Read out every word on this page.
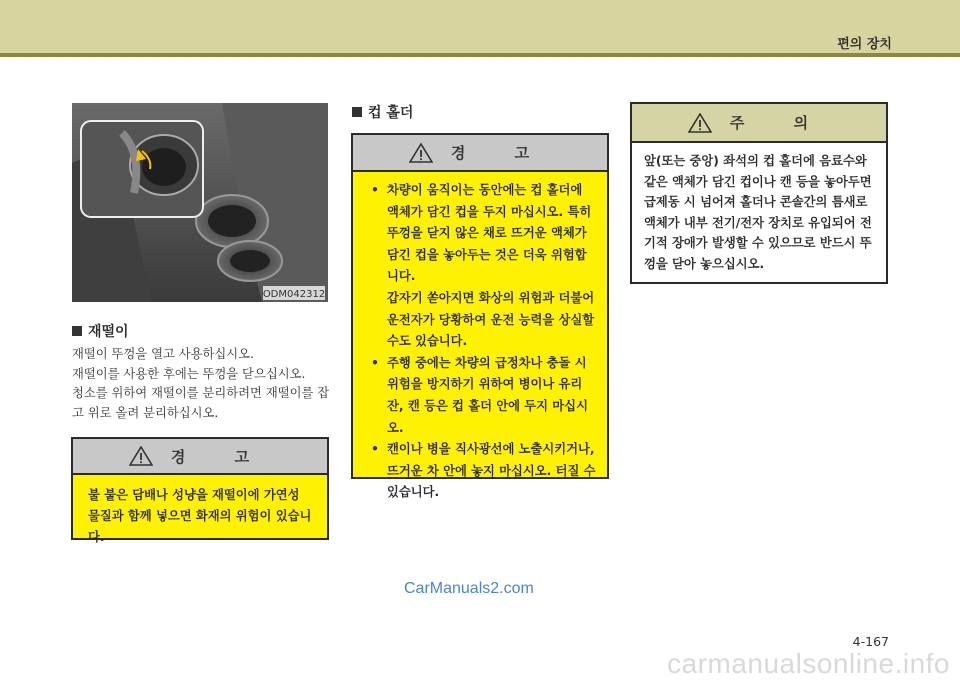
편의 장치
ODM042312
재떨이

재떨이 뚜껑을 열고 사용하십시오.

재떨이를 사용한 후에는 뚜껑을 닫으십시오.

청소를 위하여 재떨이를 분리하려면 재떨이를 잡고 위로 올려 분리하십시오.

경 고
불 붙은 담배나 성냥을 재떨이에 가연성 물질과 함께 넣으면 화재의 위험이 있습니다.
컵 홀더
경 고
• 차량이 움직이는 동안에는 컵 홀더에 액체가 담긴 컵을 두지 마십시오. 특히 뚜껑을 닫지 않은 채로 뜨거운 액체가 담긴 컵을 놓아두는 것은 더욱 위험합니다.
갑자기 쏟아지면 화상의 위험과 더불어 운전자가 당황하여 운전 능력을 상실할 수도 있습니다.
• 주행 중에는 차량의 급정차나 충돌 시 위험을 방지하기 위하여 병이나 유리잔, 캔 등은 컵 홀더 안에 두지 마십시오.
• 캔이나 병을 직사광선에 노출시키거나, 뜨거운 차 안에 놓지 마십시오. 터질 수 있습니다.
주 의
앞(또는 중앙) 좌석의 컵 홀더에 음료수와 같은 액체가 담긴 컵이나 캔 등을 놓아두면 급제동 시 넘어져 홀더나 콘솔간의 틈새로 액체가 내부 전기/전자 장치로 유입되어 전기적 장애가 발생할 수 있으므로 반드시 뚜껑을 닫아 놓으십시오.
CarManuals2.com
4-167
carmanualsonline.info
